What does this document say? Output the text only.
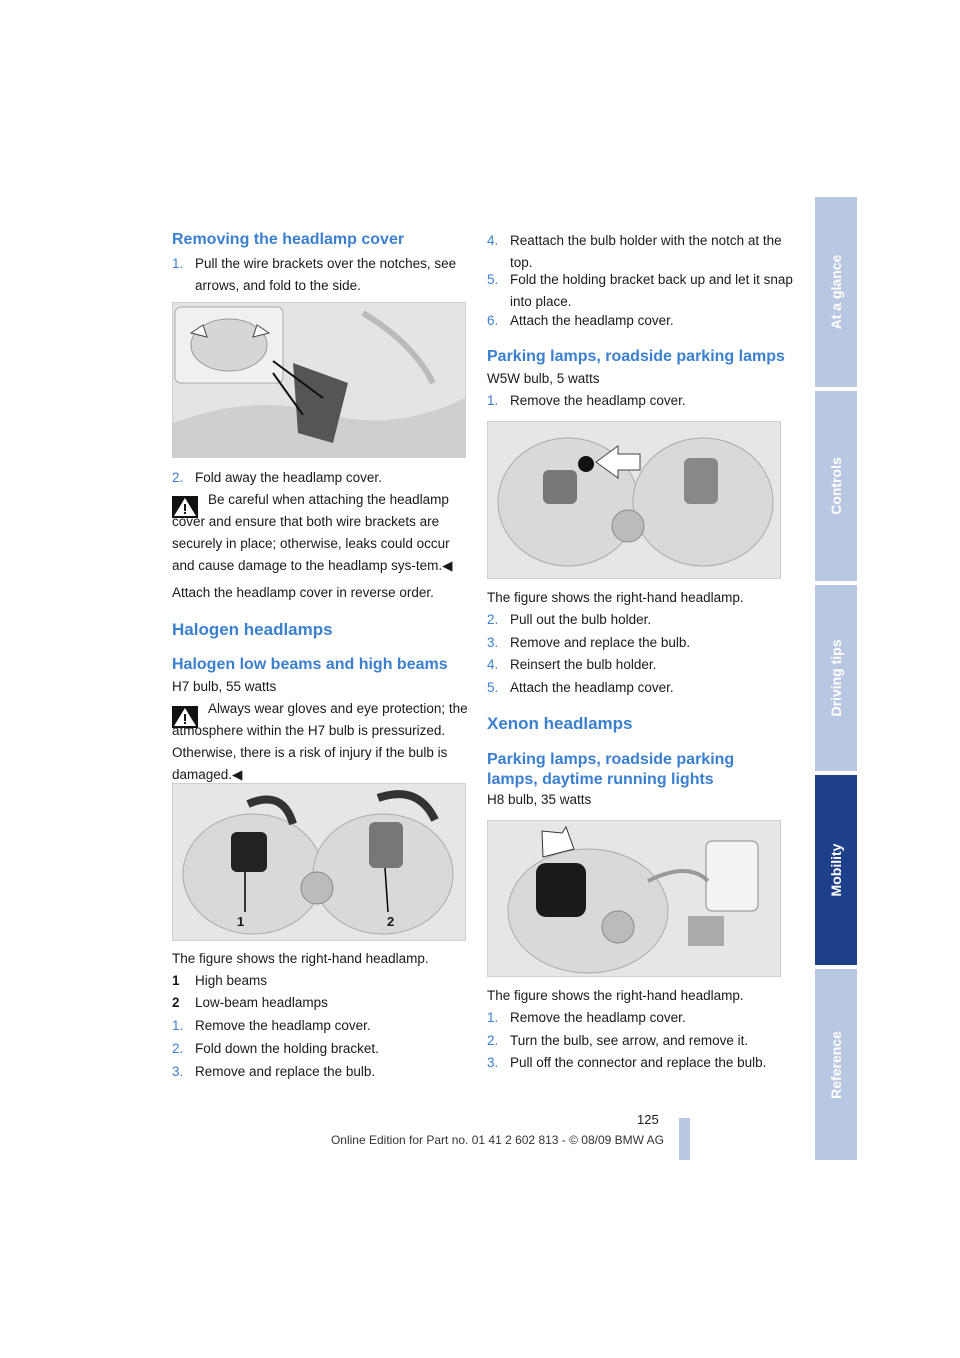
Removing the headlamp cover
1. Pull the wire brackets over the notches, see arrows, and fold to the side.
2. Fold away the headlamp cover.
Be careful when attaching the headlamp cover and ensure that both wire brackets are securely in place; otherwise, leaks could occur and cause damage to the headlamp sys-tem.◀

Attach the headlamp cover in reverse order.

Halogen headlamps
Halogen low beams and high beams

H7 bulb, 55 watts

Always wear gloves and eye protection; the atmosphere within the H7 bulb is pressurized. Otherwise, there is a risk of injury if the bulb is damaged.◀
1	2

The figure shows the right-hand headlamp.

1 High beams
2 Low-beam headlamps
1. Remove the headlamp cover.
2. Fold down the holding bracket.
3. Remove and replace the bulb.
4. Reattach the bulb holder with the notch at the top.
5. Fold the holding bracket back up and let it snap into place.
6. Attach the headlamp cover.
Parking lamps, roadside parking lamps

W5W bulb, 5 watts

1. Remove the headlamp cover.

The figure shows the right-hand headlamp.

2. Pull out the bulb holder.
3. Remove and replace the bulb.
4. Reinsert the bulb holder.
5. Attach the headlamp cover.
Xenon headlamps
Parking lamps, roadside parking lamps, daytime running lights

H8 bulb, 35 watts

The figure shows the right-hand headlamp.

1. Remove the headlamp cover.
2. Turn the bulb, see arrow, and remove it.
3. Pull off the connector and replace the bulb.
At a glance
Controls
Driving tips
Mobility
Reference
125
Online Edition for Part no. 01 41 2 602 813 - © 08/09 BMW AG
